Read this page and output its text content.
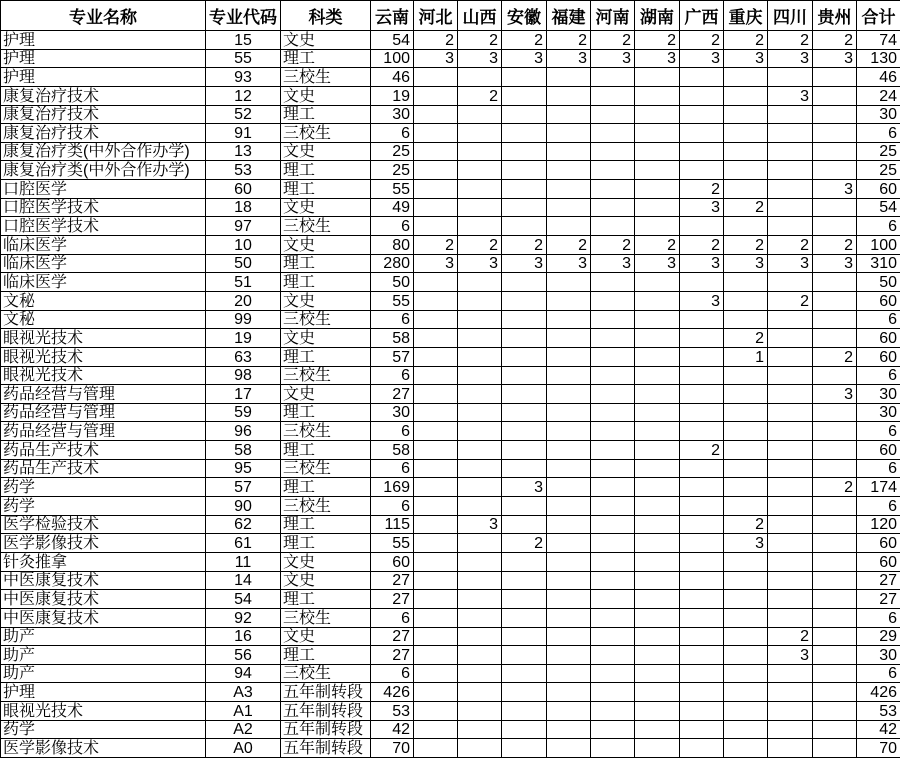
专业名称	专业代码	科类	云南	河北	山西	安徽	福建	河南	湖南	广西	重庆	四川	贵州	合计
护理	15	文史	54	2	2	2	2	2	2	2	2	2	2	74
护理	55	理工	100	3	3	3	3	3	3	3	3	3	3	130
护理	93	三校生	46											46
康复治疗技术	12	文史	19		2							3		24
康复治疗技术	52	理工	30											30
康复治疗技术	91	三校生	6											6
康复治疗类(中外合作办学)	13	文史	25											25
康复治疗类(中外合作办学)	53	理工	25											25
口腔医学	60	理工	55							2			3	60
口腔医学技术	18	文史	49							3	2			54
口腔医学技术	97	三校生	6											6
临床医学	10	文史	80	2	2	2	2	2	2	2	2	2	2	100
临床医学	50	理工	280	3	3	3	3	3	3	3	3	3	3	310
临床医学	51	理工	50											50
文秘	20	文史	55							3		2		60
文秘	99	三校生	6											6
眼视光技术	19	文史	58								2			60
眼视光技术	63	理工	57								1		2	60
眼视光技术	98	三校生	6											6
药品经营与管理	17	文史	27										3	30
药品经营与管理	59	理工	30											30
药品经营与管理	96	三校生	6											6
药品生产技术	58	理工	58							2				60
药品生产技术	95	三校生	6											6
药学	57	理工	169			3							2	174
药学	90	三校生	6											6
医学检验技术	62	理工	115		3						2			120
医学影像技术	61	理工	55			2					3			60
针灸推拿	11	文史	60											60
中医康复技术	14	文史	27											27
中医康复技术	54	理工	27											27
中医康复技术	92	三校生	6											6
助产	16	文史	27									2		29
助产	56	理工	27									3		30
助产	94	三校生	6											6
护理	A3	五年制转段	426											426
眼视光技术	A1	五年制转段	53											53
药学	A2	五年制转段	42											42
医学影像技术	A0	五年制转段	70											70
